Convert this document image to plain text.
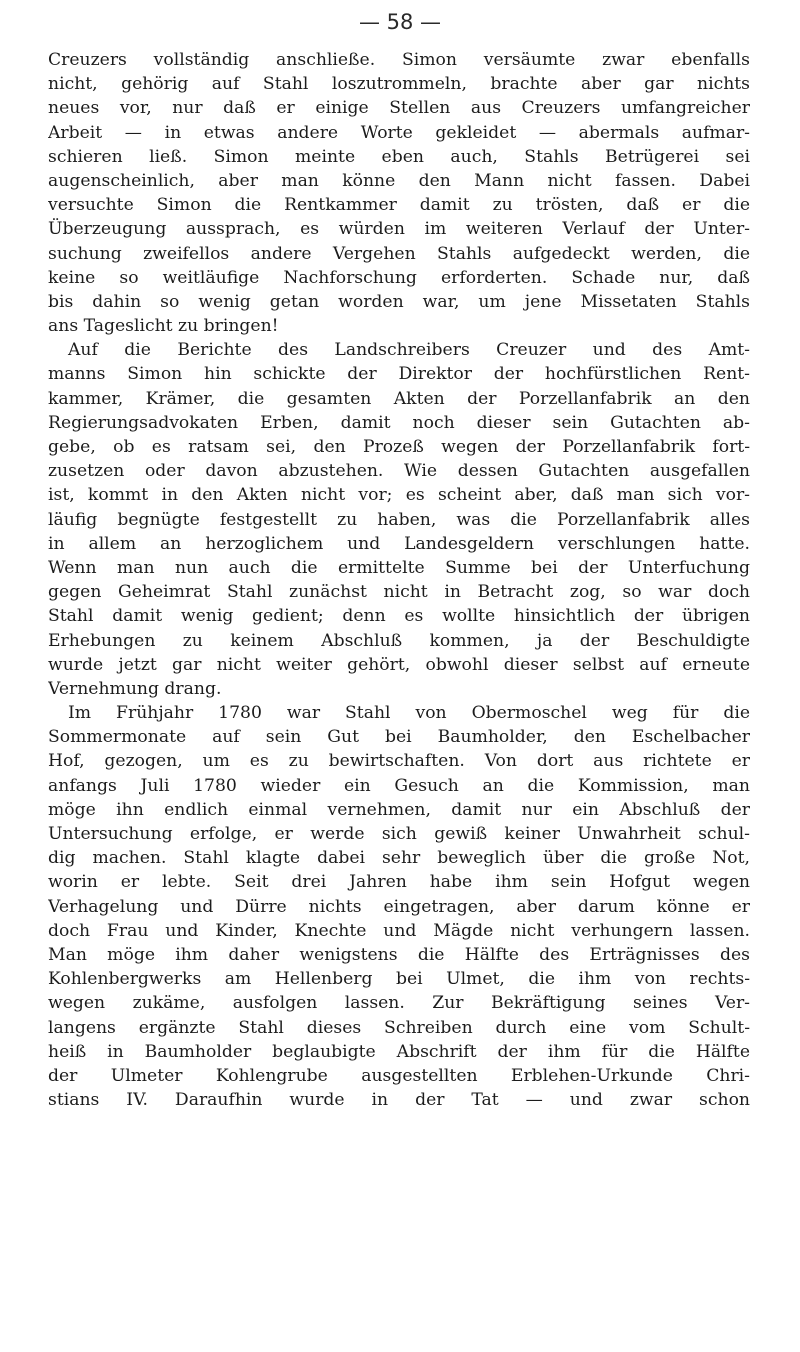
— 58 —
Creuzers vollständig anschließe. Simon versäumte zwar ebenfalls
nicht, gehörig auf Stahl loszutrommeln, brachte aber gar nichts
neues vor, nur daß er einige Stellen aus Creuzers umfangreicher
Arbeit — in etwas andere Worte gekleidet — abermals aufmar-
schieren ließ. Simon meinte eben auch, Stahls Betrügerei sei
augenscheinlich, aber man könne den Mann nicht fassen. Dabei
versuchte Simon die Rentkammer damit zu trösten, daß er die
Überzeugung aussprach, es würden im weiteren Verlauf der Unter-
suchung zweifellos andere Vergehen Stahls aufgedeckt werden, die
keine so weitläufige Nachforschung erforderten. Schade nur, daß
bis dahin so wenig getan worden war, um jene Missetaten Stahls
ans Tageslicht zu bringen!
Auf die Berichte des Landschreibers Creuzer und des Amt-
manns Simon hin schickte der Direktor der hochfürstlichen Rent-
kammer, Krämer, die gesamten Akten der Porzellanfabrik an den
Regierungsadvokaten Erben, damit noch dieser sein Gutachten ab-
gebe, ob es ratsam sei, den Prozeß wegen der Porzellanfabrik fort-
zusetzen oder davon abzustehen. Wie dessen Gutachten ausgefallen
ist, kommt in den Akten nicht vor; es scheint aber, daß man sich vor-
läufig begnügte festgestellt zu haben, was die Porzellanfabrik alles
in allem an herzoglichem und Landesgeldern verschlungen hatte.
Wenn man nun auch die ermittelte Summe bei der Unterfuchung
gegen Geheimrat Stahl zunächst nicht in Betracht zog, so war doch
Stahl damit wenig gedient; denn es wollte hinsichtlich der übrigen
Erhebungen zu keinem Abschluß kommen, ja der Beschuldigte
wurde jetzt gar nicht weiter gehört, obwohl dieser selbst auf erneute
Vernehmung drang.
Im Frühjahr 1780 war Stahl von Obermoschel weg für die
Sommermonate auf sein Gut bei Baumholder, den Eschelbacher
Hof, gezogen, um es zu bewirtschaften. Von dort aus richtete er
anfangs Juli 1780 wieder ein Gesuch an die Kommission, man
möge ihn endlich einmal vernehmen, damit nur ein Abschluß der
Untersuchung erfolge, er werde sich gewiß keiner Unwahrheit schul-
dig machen. Stahl klagte dabei sehr beweglich über die große Not,
worin er lebte. Seit drei Jahren habe ihm sein Hofgut wegen
Verhagelung und Dürre nichts eingetragen, aber darum könne er
doch Frau und Kinder, Knechte und Mägde nicht verhungern lassen.
Man möge ihm daher wenigstens die Hälfte des Erträgnisses des
Kohlenbergwerks am Hellenberg bei Ulmet, die ihm von rechts-
wegen zukäme, ausfolgen lassen. Zur Bekräftigung seines Ver-
langens ergänzte Stahl dieses Schreiben durch eine vom Schult-
heiß in Baumholder beglaubigte Abschrift der ihm für die Hälfte
der Ulmeter Kohlengrube ausgestellten Erblehen-Urkunde Chri-
stians IV. Daraufhin wurde in der Tat — und zwar schon
